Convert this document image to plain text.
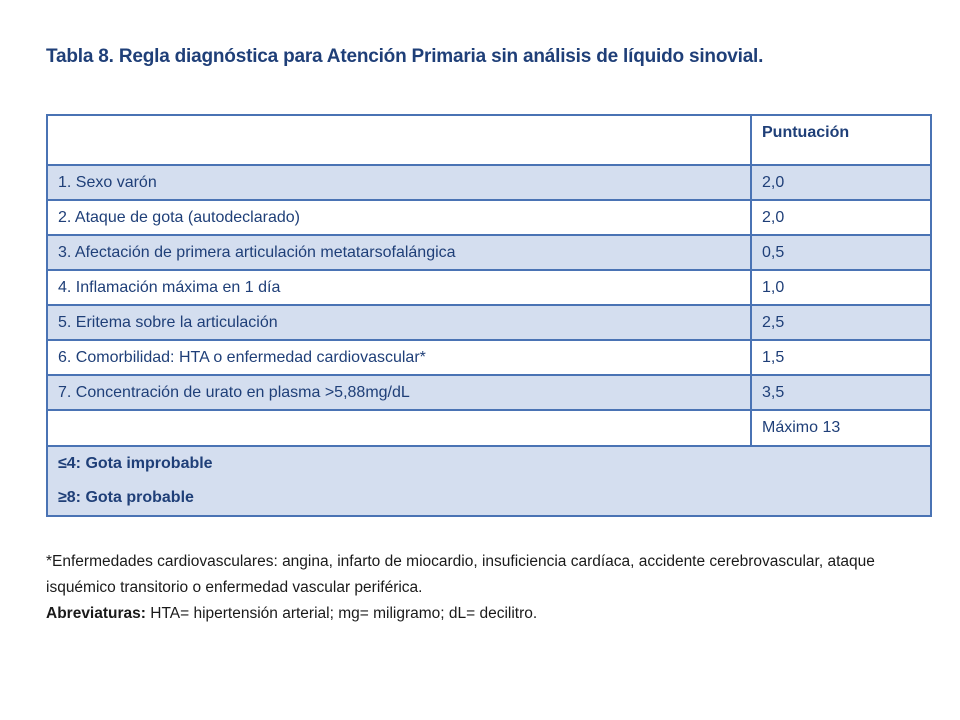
Tabla 8. Regla diagnóstica para Atención Primaria sin análisis de líquido sinovial.
	Puntuación
1. Sexo varón	2,0
2. Ataque de gota (autodeclarado)	2,0
3. Afectación de primera articulación metatarsofalángica	0,5
4. Inflamación máxima en 1 día	1,0
5. Eritema sobre la articulación	2,5
6. Comorbilidad: HTA o enfermedad cardiovascular*	1,5
7. Concentración de urato en plasma >5,88mg/dL	3,5
	Máximo 13

≤4: Gota improbable
≥8: Gota probable	
*Enfermedades cardiovasculares: angina, infarto de miocardio, insuficiencia cardíaca, accidente cerebrovascular, ataque isquémico transitorio o enfermedad vascular periférica.
Abreviaturas: HTA= hipertensión arterial; mg= miligramo; dL= decilitro.
